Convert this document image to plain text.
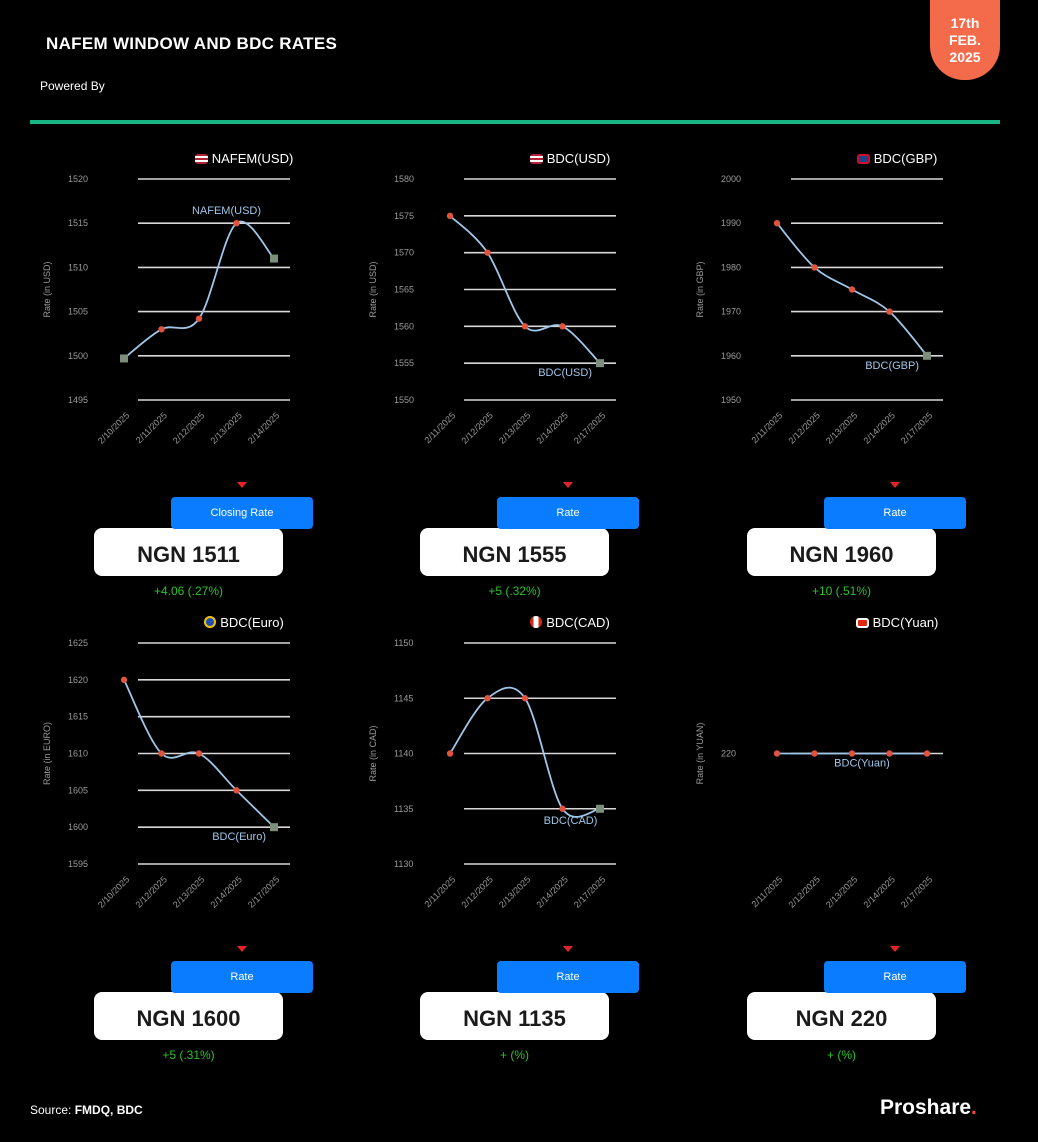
NAFEM WINDOW AND BDC RATES
Powered By
17th
FEB.
2025
NAFEM(USD)
1520
1515
1510
1505
1500
1495
Rate (in USD)
2/10/2025 2/11/2025 2/12/2025 2/13/2025 2/14/2025
NAFEM(USD)
Closing Rate
NGN 1511
+4.06 (.27%)
BDC(USD)
1580
1575
1570
1565
1560
1555
1550
Rate (in USD)
2/11/2025 2/12/2025 2/13/2025 2/14/2025 2/17/2025
BDC(USD)
Rate
NGN 1555
+5 (.32%)
BDC(GBP)
2000
1990
1980
1970
1960
1950
Rate (in GBP)
2/11/2025 2/12/2025 2/13/2025 2/14/2025 2/17/2025
BDC(GBP)
Rate
NGN 1960
+10 (.51%)
BDC(Euro)
1625
1620
1615
1610
1605
1600
1595
Rate (in EURO)
2/10/2025 2/12/2025 2/13/2025 2/14/2025 2/17/2025
BDC(Euro)
Rate
NGN 1600
+5 (.31%)
BDC(CAD)
1150
1145
1140
1135
1130
Rate (in CAD)
2/11/2025 2/12/2025 2/13/2025 2/14/2025 2/17/2025
BDC(CAD)
Rate
NGN 1135
+ (%)
BDC(Yuan)
220
Rate (in YUAN)
2/11/2025 2/12/2025 2/13/2025 2/14/2025 2/17/2025
BDC(Yuan)
Rate
NGN 220
+ (%)
Source: FMDQ, BDC	Proshare.
